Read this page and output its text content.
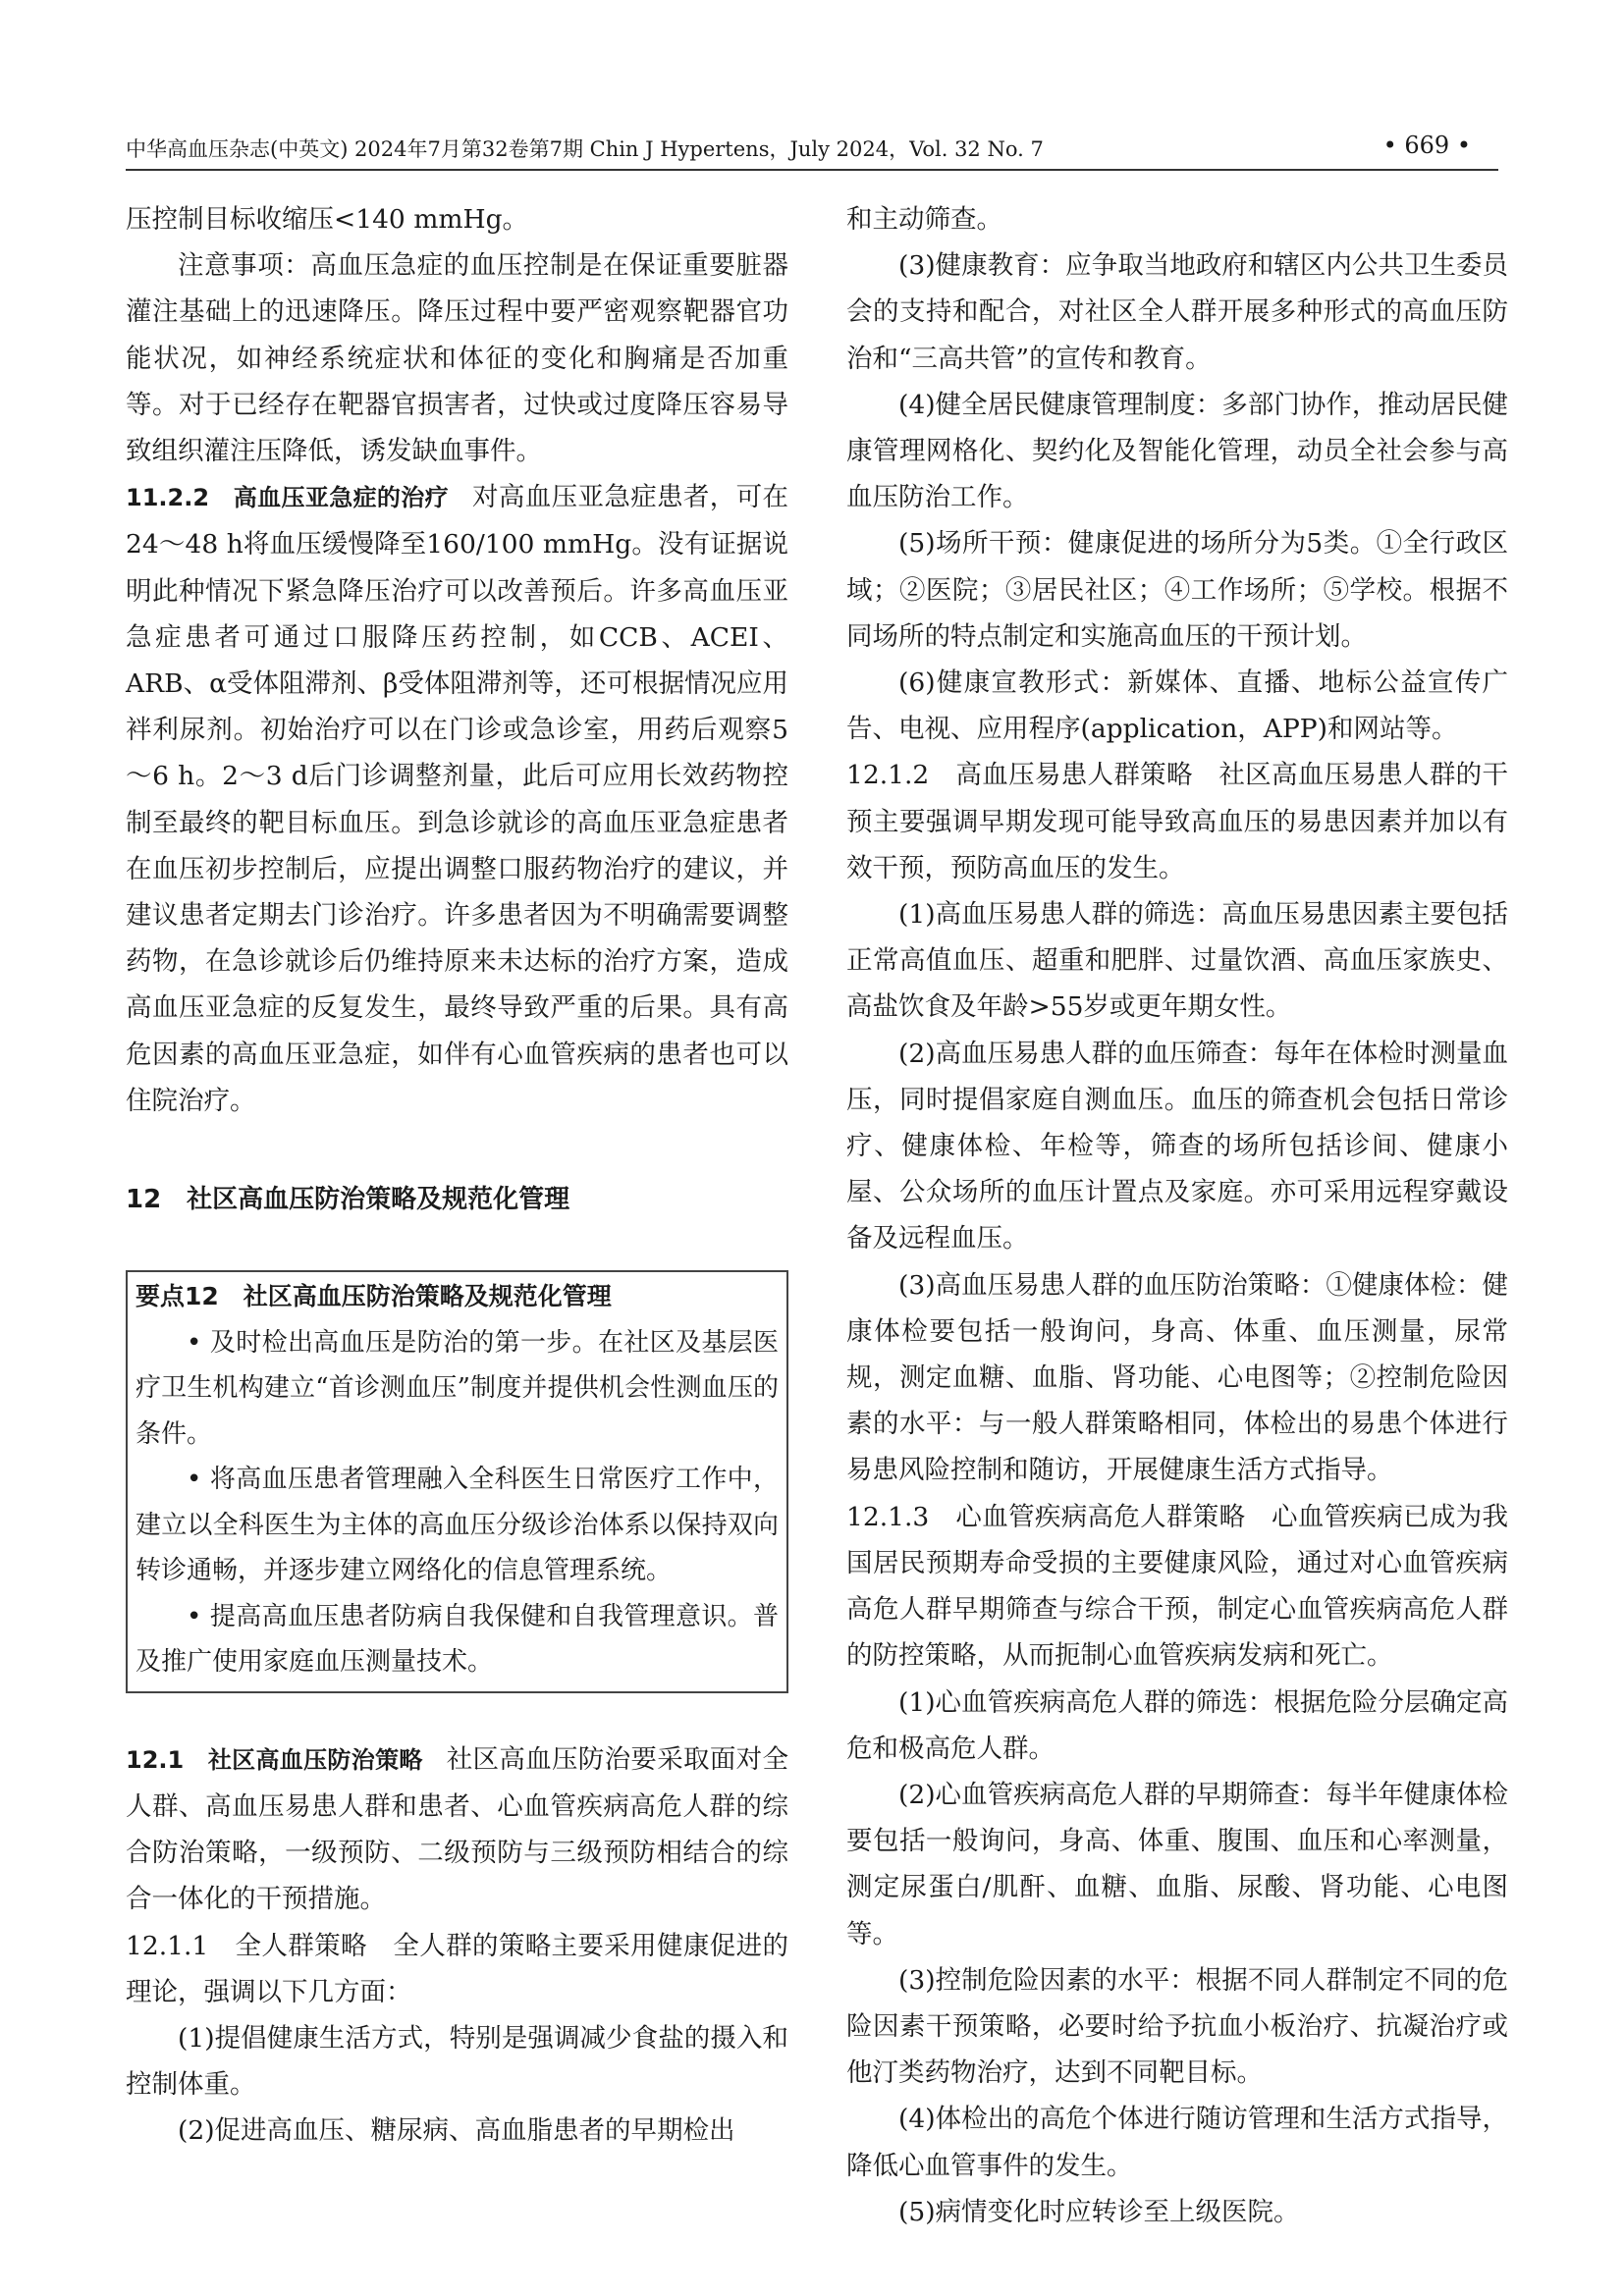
中华高血压杂志(中英文) 2024年7月第32卷第7期 Chin J Hypertens，July 2024，Vol. 32 No. 7	• 669 •

压控制目标收缩压<140 mmHg。

注意事项：高血压急症的血压控制是在保证重要脏器灌注基础上的迅速降压。降压过程中要严密观察靶器官功能状况，如神经系统症状和体征的变化和胸痛是否加重等。对于已经存在靶器官损害者，过快或过度降压容易导致组织灌注压降低，诱发缺血事件。

11.2.2　高血压亚急症的治疗 对高血压亚急症患者，可在24～48 h将血压缓慢降至160/100 mmHg。没有证据说明此种情况下紧急降压治疗可以改善预后。许多高血压亚急症患者可通过口服降压药控制，如CCB、ACEI、ARB、α受体阻滞剂、β受体阻滞剂等，还可根据情况应用袢利尿剂。初始治疗可以在门诊或急诊室，用药后观察5～6 h。2～3 d后门诊调整剂量，此后可应用长效药物控制至最终的靶目标血压。到急诊就诊的高血压亚急症患者在血压初步控制后，应提出调整口服药物治疗的建议，并建议患者定期去门诊治疗。许多患者因为不明确需要调整药物，在急诊就诊后仍维持原来未达标的治疗方案，造成高血压亚急症的反复发生，最终导致严重的后果。具有高危因素的高血压亚急症，如伴有心血管疾病的患者也可以住院治疗。

12　社区高血压防治策略及规范化管理

要点12　社区高血压防治策略及规范化管理

• 及时检出高血压是防治的第一步。在社区及基层医疗卫生机构建立“首诊测血压”制度并提供机会性测血压的条件。

• 将高血压患者管理融入全科医生日常医疗工作中，建立以全科医生为主体的高血压分级诊治体系以保持双向转诊通畅，并逐步建立网络化的信息管理系统。

• 提高高血压患者防病自我保健和自我管理意识。普及推广使用家庭血压测量技术。

12.1　社区高血压防治策略 社区高血压防治要采取面对全人群、高血压易患人群和患者、心血管疾病高危人群的综合防治策略，一级预防、二级预防与三级预防相结合的综合一体化的干预措施。

12.1.1　全人群策略 全人群的策略主要采用健康促进的理论，强调以下几方面：

(1)提倡健康生活方式，特别是强调减少食盐的摄入和控制体重。

(2)促进高血压、糖尿病、高血脂患者的早期检出

和主动筛查。

(3)健康教育：应争取当地政府和辖区内公共卫生委员会的支持和配合，对社区全人群开展多种形式的高血压防治和“三高共管”的宣传和教育。

(4)健全居民健康管理制度：多部门协作，推动居民健康管理网格化、契约化及智能化管理，动员全社会参与高血压防治工作。

(5)场所干预：健康促进的场所分为5类。①全行政区域；②医院；③居民社区；④工作场所；⑤学校。根据不同场所的特点制定和实施高血压的干预计划。

(6)健康宣教形式：新媒体、直播、地标公益宣传广告、电视、应用程序(application，APP)和网站等。

12.1.2　高血压易患人群策略 社区高血压易患人群的干预主要强调早期发现可能导致高血压的易患因素并加以有效干预，预防高血压的发生。

(1)高血压易患人群的筛选：高血压易患因素主要包括正常高值血压、超重和肥胖、过量饮酒、高血压家族史、高盐饮食及年龄>55岁或更年期女性。

(2)高血压易患人群的血压筛查：每年在体检时测量血压，同时提倡家庭自测血压。血压的筛查机会包括日常诊疗、健康体检、年检等，筛查的场所包括诊间、健康小屋、公众场所的血压计置点及家庭。亦可采用远程穿戴设备及远程血压。

(3)高血压易患人群的血压防治策略：①健康体检：健康体检要包括一般询问，身高、体重、血压测量，尿常规，测定血糖、血脂、肾功能、心电图等；②控制危险因素的水平：与一般人群策略相同，体检出的易患个体进行易患风险控制和随访，开展健康生活方式指导。

12.1.3　心血管疾病高危人群策略 心血管疾病已成为我国居民预期寿命受损的主要健康风险，通过对心血管疾病高危人群早期筛查与综合干预，制定心血管疾病高危人群的防控策略，从而扼制心血管疾病发病和死亡。

(1)心血管疾病高危人群的筛选：根据危险分层确定高危和极高危人群。

(2)心血管疾病高危人群的早期筛查：每半年健康体检要包括一般询问，身高、体重、腹围、血压和心率测量，测定尿蛋白/肌酐、血糖、血脂、尿酸、肾功能、心电图等。

(3)控制危险因素的水平：根据不同人群制定不同的危险因素干预策略，必要时给予抗血小板治疗、抗凝治疗或他汀类药物治疗，达到不同靶目标。

(4)体检出的高危个体进行随访管理和生活方式指导，降低心血管事件的发生。

(5)病情变化时应转诊至上级医院。
